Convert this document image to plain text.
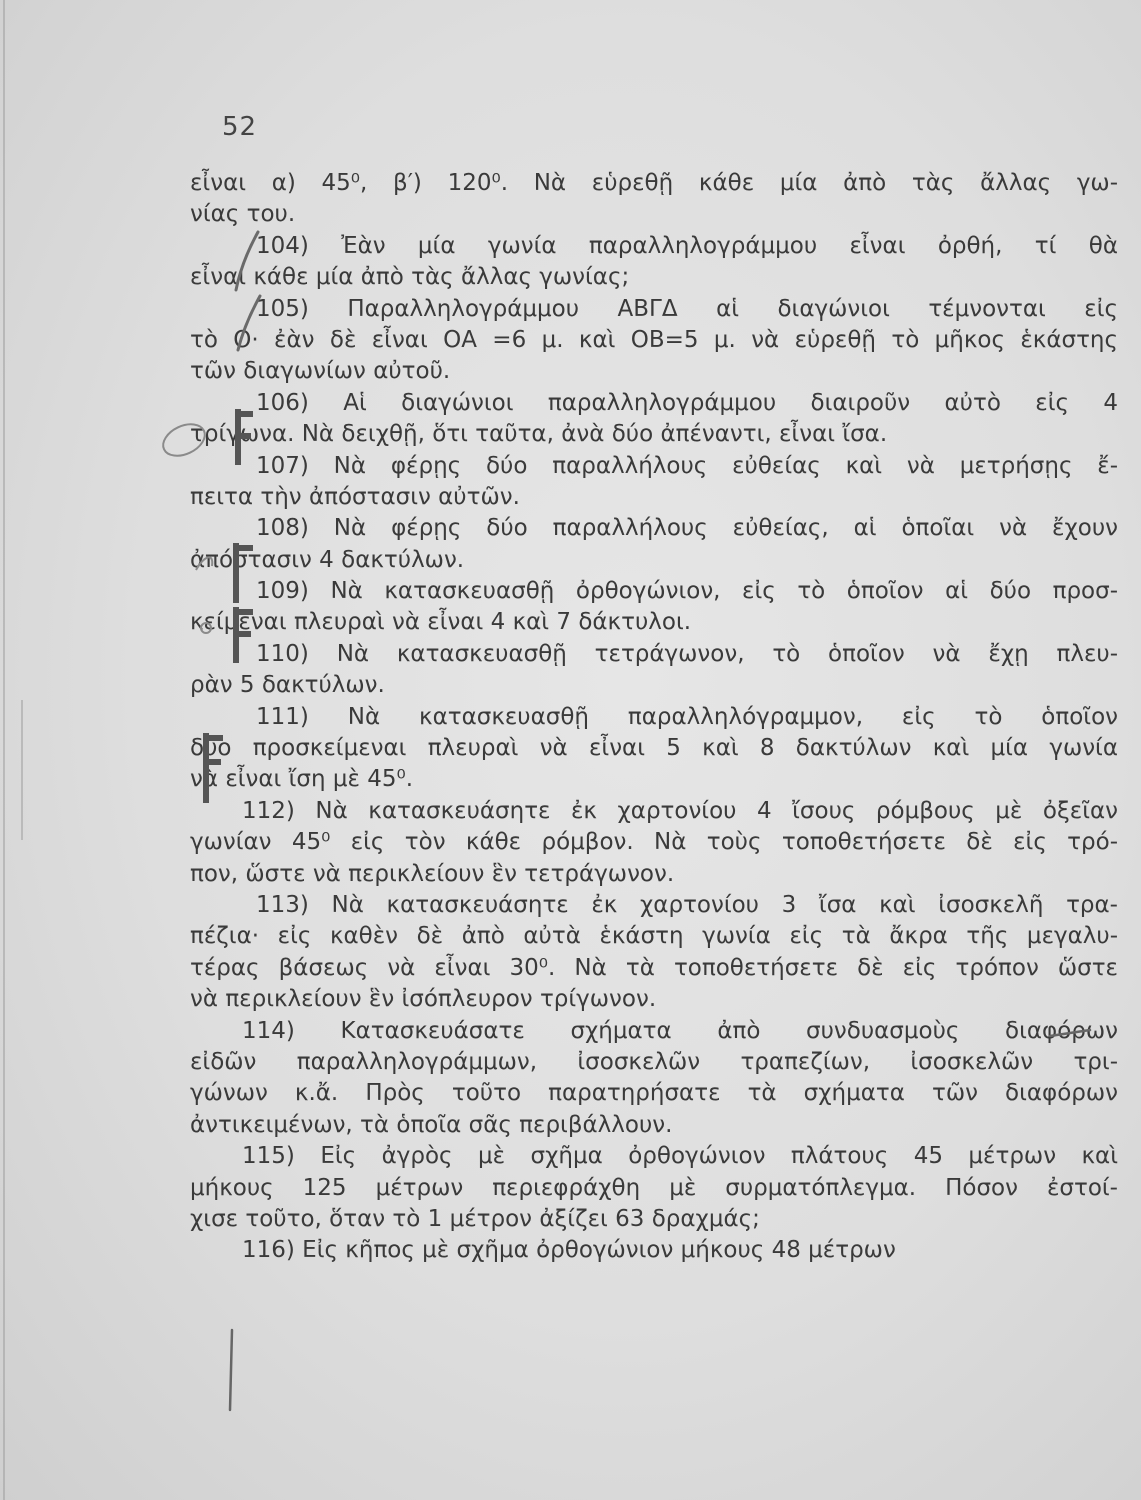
52
εἶναι α) 45⁰, β′) 120⁰. Νὰ εὑρεθῇ κάθε μία ἀπὸ τὰς ἄλλας γω-
νίας του.
104) Ἐὰν μία γωνία παραλληλογράμμου εἶναι ὀρθή, τί θὰ
εἶναι κάθε μία ἀπὸ τὰς ἄλλας γωνίας;
105) Παραλληλογράμμου ΑΒΓΔ αἱ διαγώνιοι τέμνονται εἰς
τὸ Ο· ἐὰν δὲ εἶναι ΟΑ =6 μ. καὶ ΟΒ=5 μ. νὰ εὑρεθῇ τὸ μῆκος ἑκάστης
τῶν διαγωνίων αὐτοῦ.
106) Αἱ διαγώνιοι παραλληλογράμμου διαιροῦν αὐτὸ εἰς 4
τρίγωνα. Νὰ δειχθῇ, ὅτι ταῦτα, ἀνὰ δύο ἀπέναντι, εἶναι ἴσα.
107) Νὰ φέρῃς δύο παραλλήλους εὐθείας καὶ νὰ μετρήσῃς ἔ-
πειτα τὴν ἀπόστασιν αὐτῶν.
108) Νὰ φέρῃς δύο παραλλήλους εὐθείας, αἱ ὁποῖαι νὰ ἔχουν
ἀπόστασιν 4 δακτύλων.
109) Νὰ κατασκευασθῇ ὀρθογώνιον, εἰς τὸ ὁποῖον αἱ δύο προσ-
κείμεναι πλευραὶ νὰ εἶναι 4 καὶ 7 δάκτυλοι.
110) Νὰ κατασκευασθῇ τετράγωνον, τὸ ὁποῖον νὰ ἔχῃ πλευ-
ρὰν 5 δακτύλων.
111) Νὰ κατασκευασθῇ παραλληλόγραμμον, εἰς τὸ ὁποῖον
δύο προσκείμεναι πλευραὶ νὰ εἶναι 5 καὶ 8 δακτύλων καὶ μία γωνία
νὰ εἶναι ἴση μὲ 45⁰.
112) Νὰ κατασκευάσητε ἐκ χαρτονίου 4 ἴσους ρόμβους μὲ ὀξεῖαν
γωνίαν 45⁰ εἰς τὸν κάθε ρόμβον. Νὰ τοὺς τοποθετήσετε δὲ εἰς τρό-
πον, ὥστε νὰ περικλείουν ἓν τετράγωνον.
113) Νὰ κατασκευάσητε ἐκ χαρτονίου 3 ἴσα καὶ ἰσοσκελῆ τρα-
πέζια· εἰς καθὲν δὲ ἀπὸ αὐτὰ ἑκάστη γωνία εἰς τὰ ἄκρα τῆς μεγαλυ-
τέρας βάσεως νὰ εἶναι 30⁰. Νὰ τὰ τοποθετήσετε δὲ εἰς τρόπον ὥστε
νὰ περικλείουν ἓν ἰσόπλευρον τρίγωνον.
114) Κατασκευάσατε σχήματα ἀπὸ συνδυασμοὺς διαφόρων
εἰδῶν παραλληλογράμμων, ἰσοσκελῶν τραπεζίων, ἰσοσκελῶν τρι-
γώνων κ.ἄ. Πρὸς τοῦτο παρατηρήσατε τὰ σχήματα τῶν διαφόρων
ἀντικειμένων, τὰ ὁποῖα σᾶς περιβάλλουν.
115) Εἰς ἀγρὸς μὲ σχῆμα ὀρθογώνιον πλάτους 45 μέτρων καὶ
μήκους 125 μέτρων περιεφράχθη μὲ συρματόπλεγμα. Πόσον ἐστοί-
χισε τοῦτο, ὅταν τὸ 1 μέτρον ἀξίζει 63 δραχμάς;
116) Εἰς κῆπος μὲ σχῆμα ὀρθογώνιον μήκους 48 μέτρων
